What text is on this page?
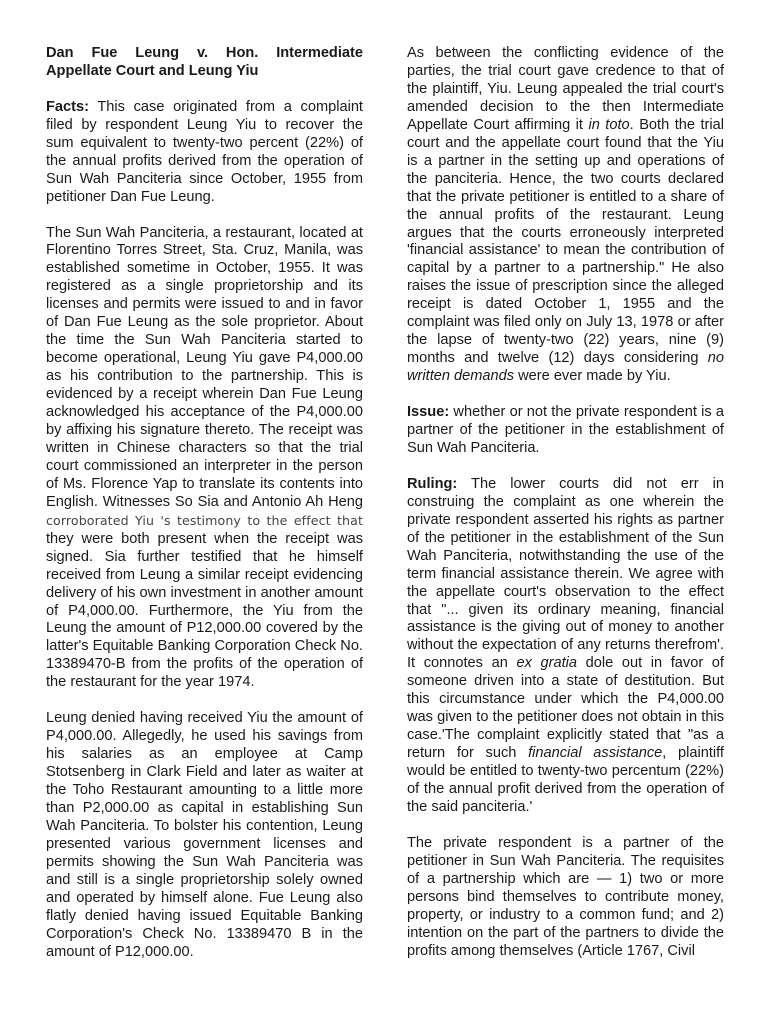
Dan Fue Leung v. Hon. Intermediate Appellate Court and Leung Yiu

Facts: This case originated from a complaint filed by respondent Leung Yiu to recover the sum equivalent to twenty-two percent (22%) of the annual profits derived from the operation of Sun Wah Panciteria since October, 1955 from petitioner Dan Fue Leung.

The Sun Wah Panciteria, a restaurant, located at Florentino Torres Street, Sta. Cruz, Manila, was established sometime in October, 1955. It was registered as a single proprietorship and its licenses and permits were issued to and in favor of Dan Fue Leung as the sole proprietor. About the time the Sun Wah Panciteria started to become operational, Leung Yiu gave P4,000.00 as his contribution to the partnership. This is evidenced by a receipt wherein Dan Fue Leung acknowledged his acceptance of the P4,000.00 by affixing his signature thereto. The receipt was written in Chinese characters so that the trial court commissioned an interpreter in the person of Ms. Florence Yap to translate its contents into English. Witnesses So Sia and Antonio Ah Heng corroborated Yiu 's testimony to the effect that they were both present when the receipt was signed. Sia further testified that he himself received from Leung a similar receipt evidencing delivery of his own investment in another amount of P4,000.00. Furthermore, the Yiu from the Leung the amount of P12,000.00 covered by the latter's Equitable Banking Corporation Check No. 13389470-B from the profits of the operation of the restaurant for the year 1974.

Leung denied having received Yiu the amount of P4,000.00. Allegedly, he used his savings from his salaries as an employee at Camp Stotsenberg in Clark Field and later as waiter at the Toho Restaurant amounting to a little more than P2,000.00 as capital in establishing Sun Wah Panciteria. To bolster his contention, Leung presented various government licenses and permits showing the Sun Wah Panciteria was and still is a single proprietorship solely owned and operated by himself alone. Fue Leung also flatly denied having issued Equitable Banking Corporation's Check No. 13389470 B in the amount of P12,000.00.

As between the conflicting evidence of the parties, the trial court gave credence to that of the plaintiff, Yiu. Leung appealed the trial court's amended decision to the then Intermediate Appellate Court affirming it in toto. Both the trial court and the appellate court found that the Yiu is a partner in the setting up and operations of the panciteria. Hence, the two courts declared that the private petitioner is entitled to a share of the annual profits of the restaurant. Leung argues that the courts erroneously interpreted 'financial assistance' to mean the contribution of capital by a partner to a partnership." He also raises the issue of prescription since the alleged receipt is dated October 1, 1955 and the complaint was filed only on July 13, 1978 or after the lapse of twenty-two (22) years, nine (9) months and twelve (12) days considering no written demands were ever made by Yiu.

Issue: whether or not the private respondent is a partner of the petitioner in the establishment of Sun Wah Panciteria.

Ruling: The lower courts did not err in construing the complaint as one wherein the private respondent asserted his rights as partner of the petitioner in the establishment of the Sun Wah Panciteria, notwithstanding the use of the term financial assistance therein. We agree with the appellate court's observation to the effect that "... given its ordinary meaning, financial assistance is the giving out of money to another without the expectation of any returns therefrom'. It connotes an ex gratia dole out in favor of someone driven into a state of destitution. But this circumstance under which the P4,000.00 was given to the petitioner does not obtain in this case.'The complaint explicitly stated that "as a return for such financial assistance, plaintiff would be entitled to twenty-two percentum (22%) of the annual profit derived from the operation of the said panciteria.'

The private respondent is a partner of the petitioner in Sun Wah Panciteria. The requisites of a partnership which are — 1) two or more persons bind themselves to contribute money, property, or industry to a common fund; and 2) intention on the part of the partners to divide the profits among themselves (Article 1767, Civil
